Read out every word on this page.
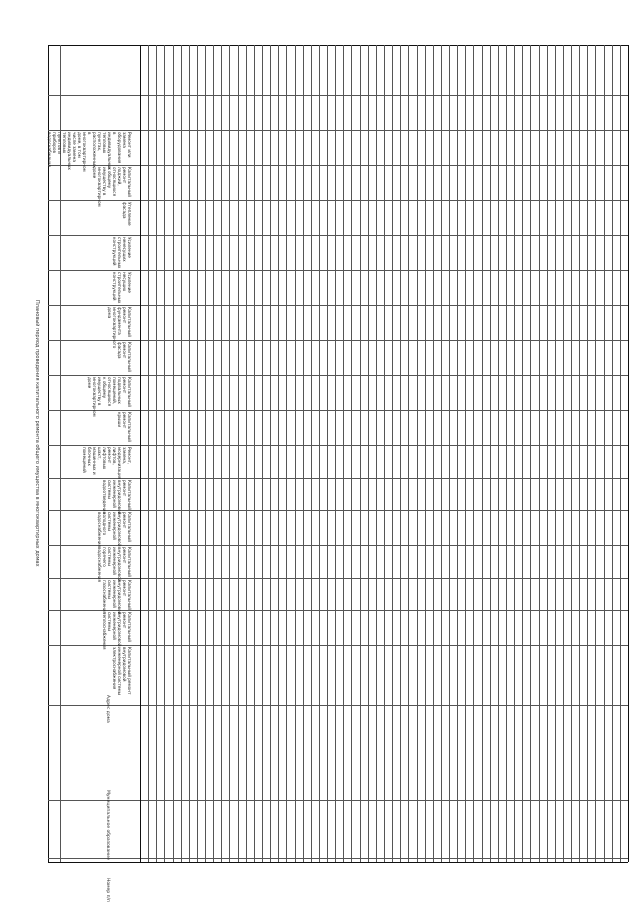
Плановый период проведения капитального ремонта общего имущества в многоквартирных домах
Номер п/п
Муниципальное образование
Адрес дома
Капитальный ремонт внутридомовой инженерной системы электроснабжения
Капитальный ремонт внутридомовой инженерной системы теплоснабжения
Капитальный ремонт внутридомовой инженерной системы газоснабжения
Капитальный ремонт внутридомовой инженерной системы горячего водоснабжения
Капитальный ремонт внутридомовой инженерной системы холодного водоснабжения
Капитальный ремонт внутридомовой инженерной системы водоотведения
Ремонт, замена, модернизация лифтов, ремонт лифтовых шахт, машинных и блочных помещений
Капитальный ремонт крыши
Капитальный ремонт подвальных помещений, относящихся к общему имуществу в многоквартирном доме
Капитальный ремонт фасада
Капитальный ремонт фундамента многоквартирного дома
Усиление несущих строительных конструкций
Усиление ненесущих строительных конструкций
Утепление фасада
Капитальный ремонт лоджий, относящихся к общему имуществу в многоквартирном доме
Ремонт или замена оборудования в индивидуальных тепловых пунктах, расположенных в многоквартирном доме, в том числе замена индивидуальных тепловых пунктов и приборов водоснабжения
